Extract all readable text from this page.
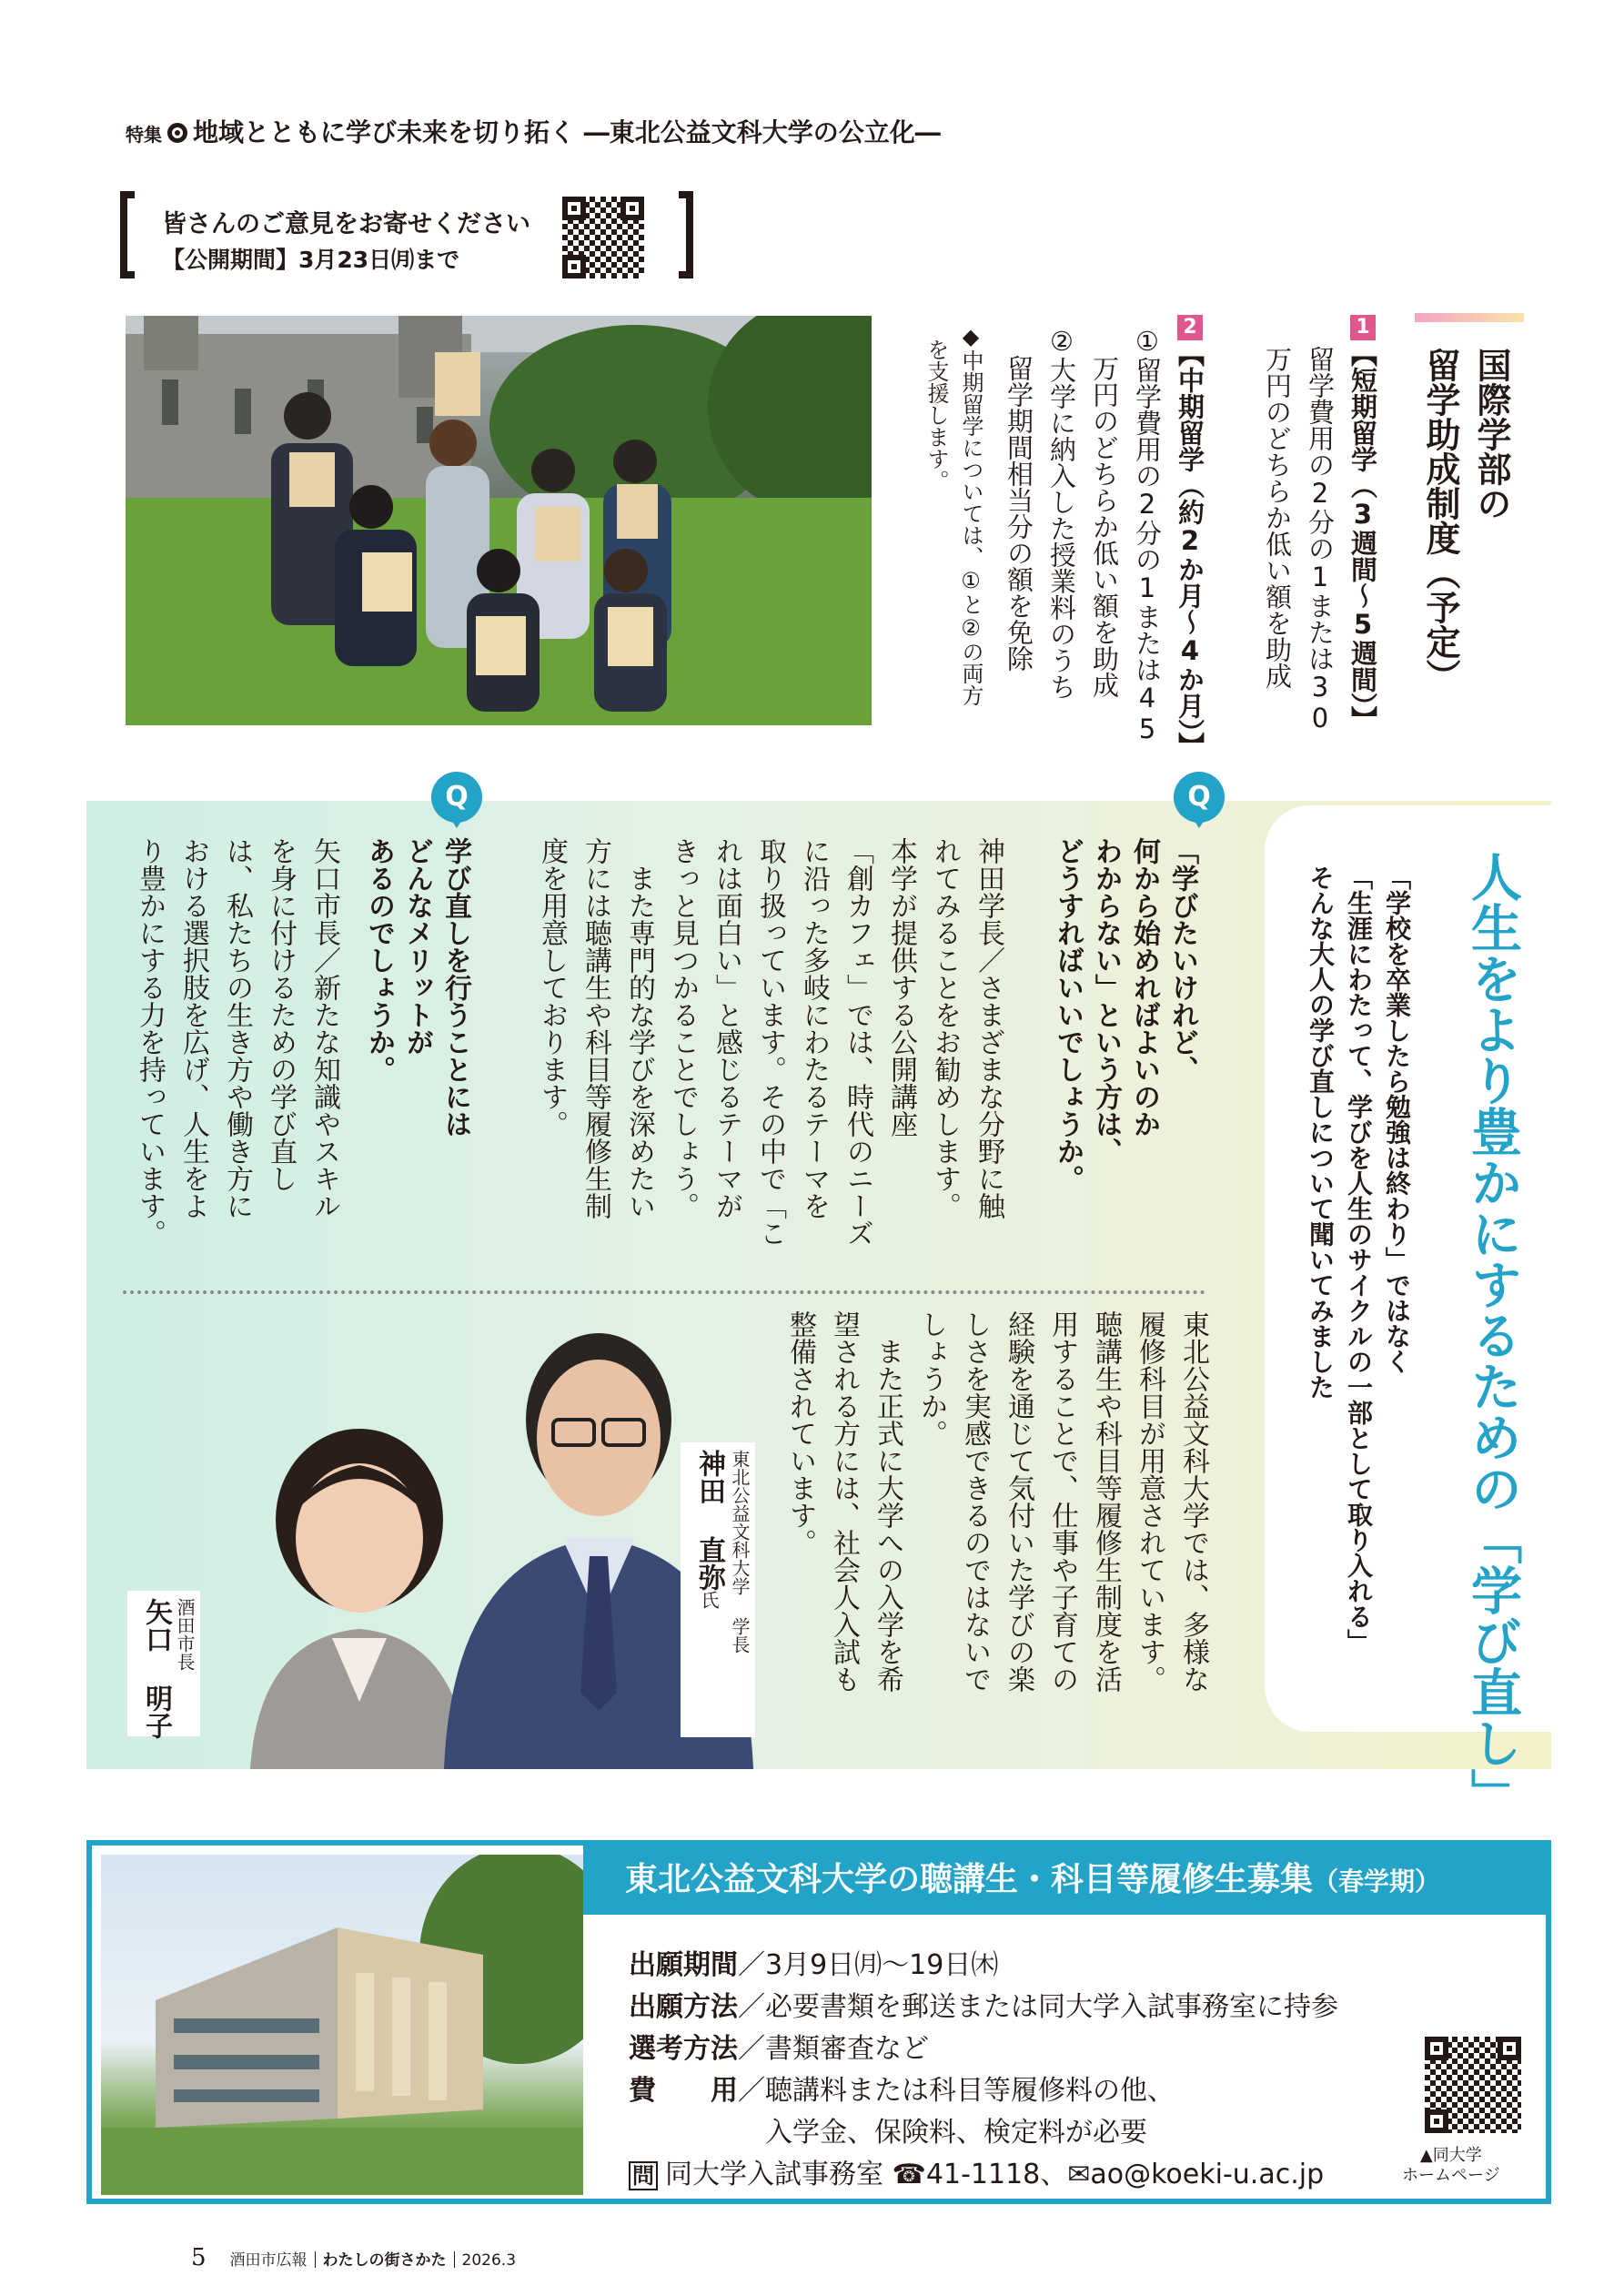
特集 地域とともに学び未来を切り拓く ―東北公益文科大学の公立化―
皆さんのご意見をお寄せください
【公開期間】3月23日㈪まで
国際学部の
留学助成制度（予定）
1【短期留学（3週間～5週間）】
留学費用の2分の1または30
万円のどちらか低い額を助成
2【中期留学（約2か月～4か月）】
①留学費用の2分の1または45
万円のどちらか低い額を助成
②大学に納入した授業料のうち
留学期間相当分の額を免除
◆中期留学については、①と②の両方
を支援します。
人生をより豊かにするための「学び直し」
「学校を卒業したら勉強は終わり」ではなく
「生涯にわたって、学びを人生のサイクルの一部として取り入れる」
そんな大人の学び直しについて聞いてみました
Q
「学びたいけれど、
何から始めればよいのか
わからない」という方は、
どうすればいいでしょうか。
神田学長／さまざまな分野に触
れてみることをお勧めします。
本学が提供する公開講座
「創カフェ」では、時代のニーズ
に沿った多岐にわたるテーマを
取り扱っています。その中で「こ
れは面白い」と感じるテーマが
きっと見つかることでしょう。
　また専門的な学びを深めたい
方には聴講生や科目等履修生制
度を用意しております。
Q
学び直しを行うことには
どんなメリットが
あるのでしょうか。
矢口市長／新たな知識やスキル
を身に付けるための学び直し
は、私たちの生き方や働き方に
おける選択肢を広げ、人生をよ
り豊かにする力を持っています。
東北公益文科大学では、多様な
履修科目が用意されています。
聴講生や科目等履修生制度を活
用することで、仕事や子育ての
経験を通じて気付いた学びの楽
しさを実感できるのではないで
しょうか。
　また正式に大学への入学を希
望される方には、社会人入試も
整備されています。
東北公益文科大学 学長
神田 直弥氏
酒田市長
矢口 明子
東北公益文科大学の聴講生・科目等履修生募集（春学期）
出願期間／3月9日㈪～19日㈭
出願方法／必要書類を郵送または同大学入試事務室に持参
選考方法／書類審査など
費　　用／聴講料または科目等履修料の他、
入学金、保険料、検定料が必要
問 同大学入試事務室 ☎41-1118、✉ao@koeki-u.ac.jp
▲同大学
ホームページ
5 酒田市広報 わたしの街さかた 2026.3
